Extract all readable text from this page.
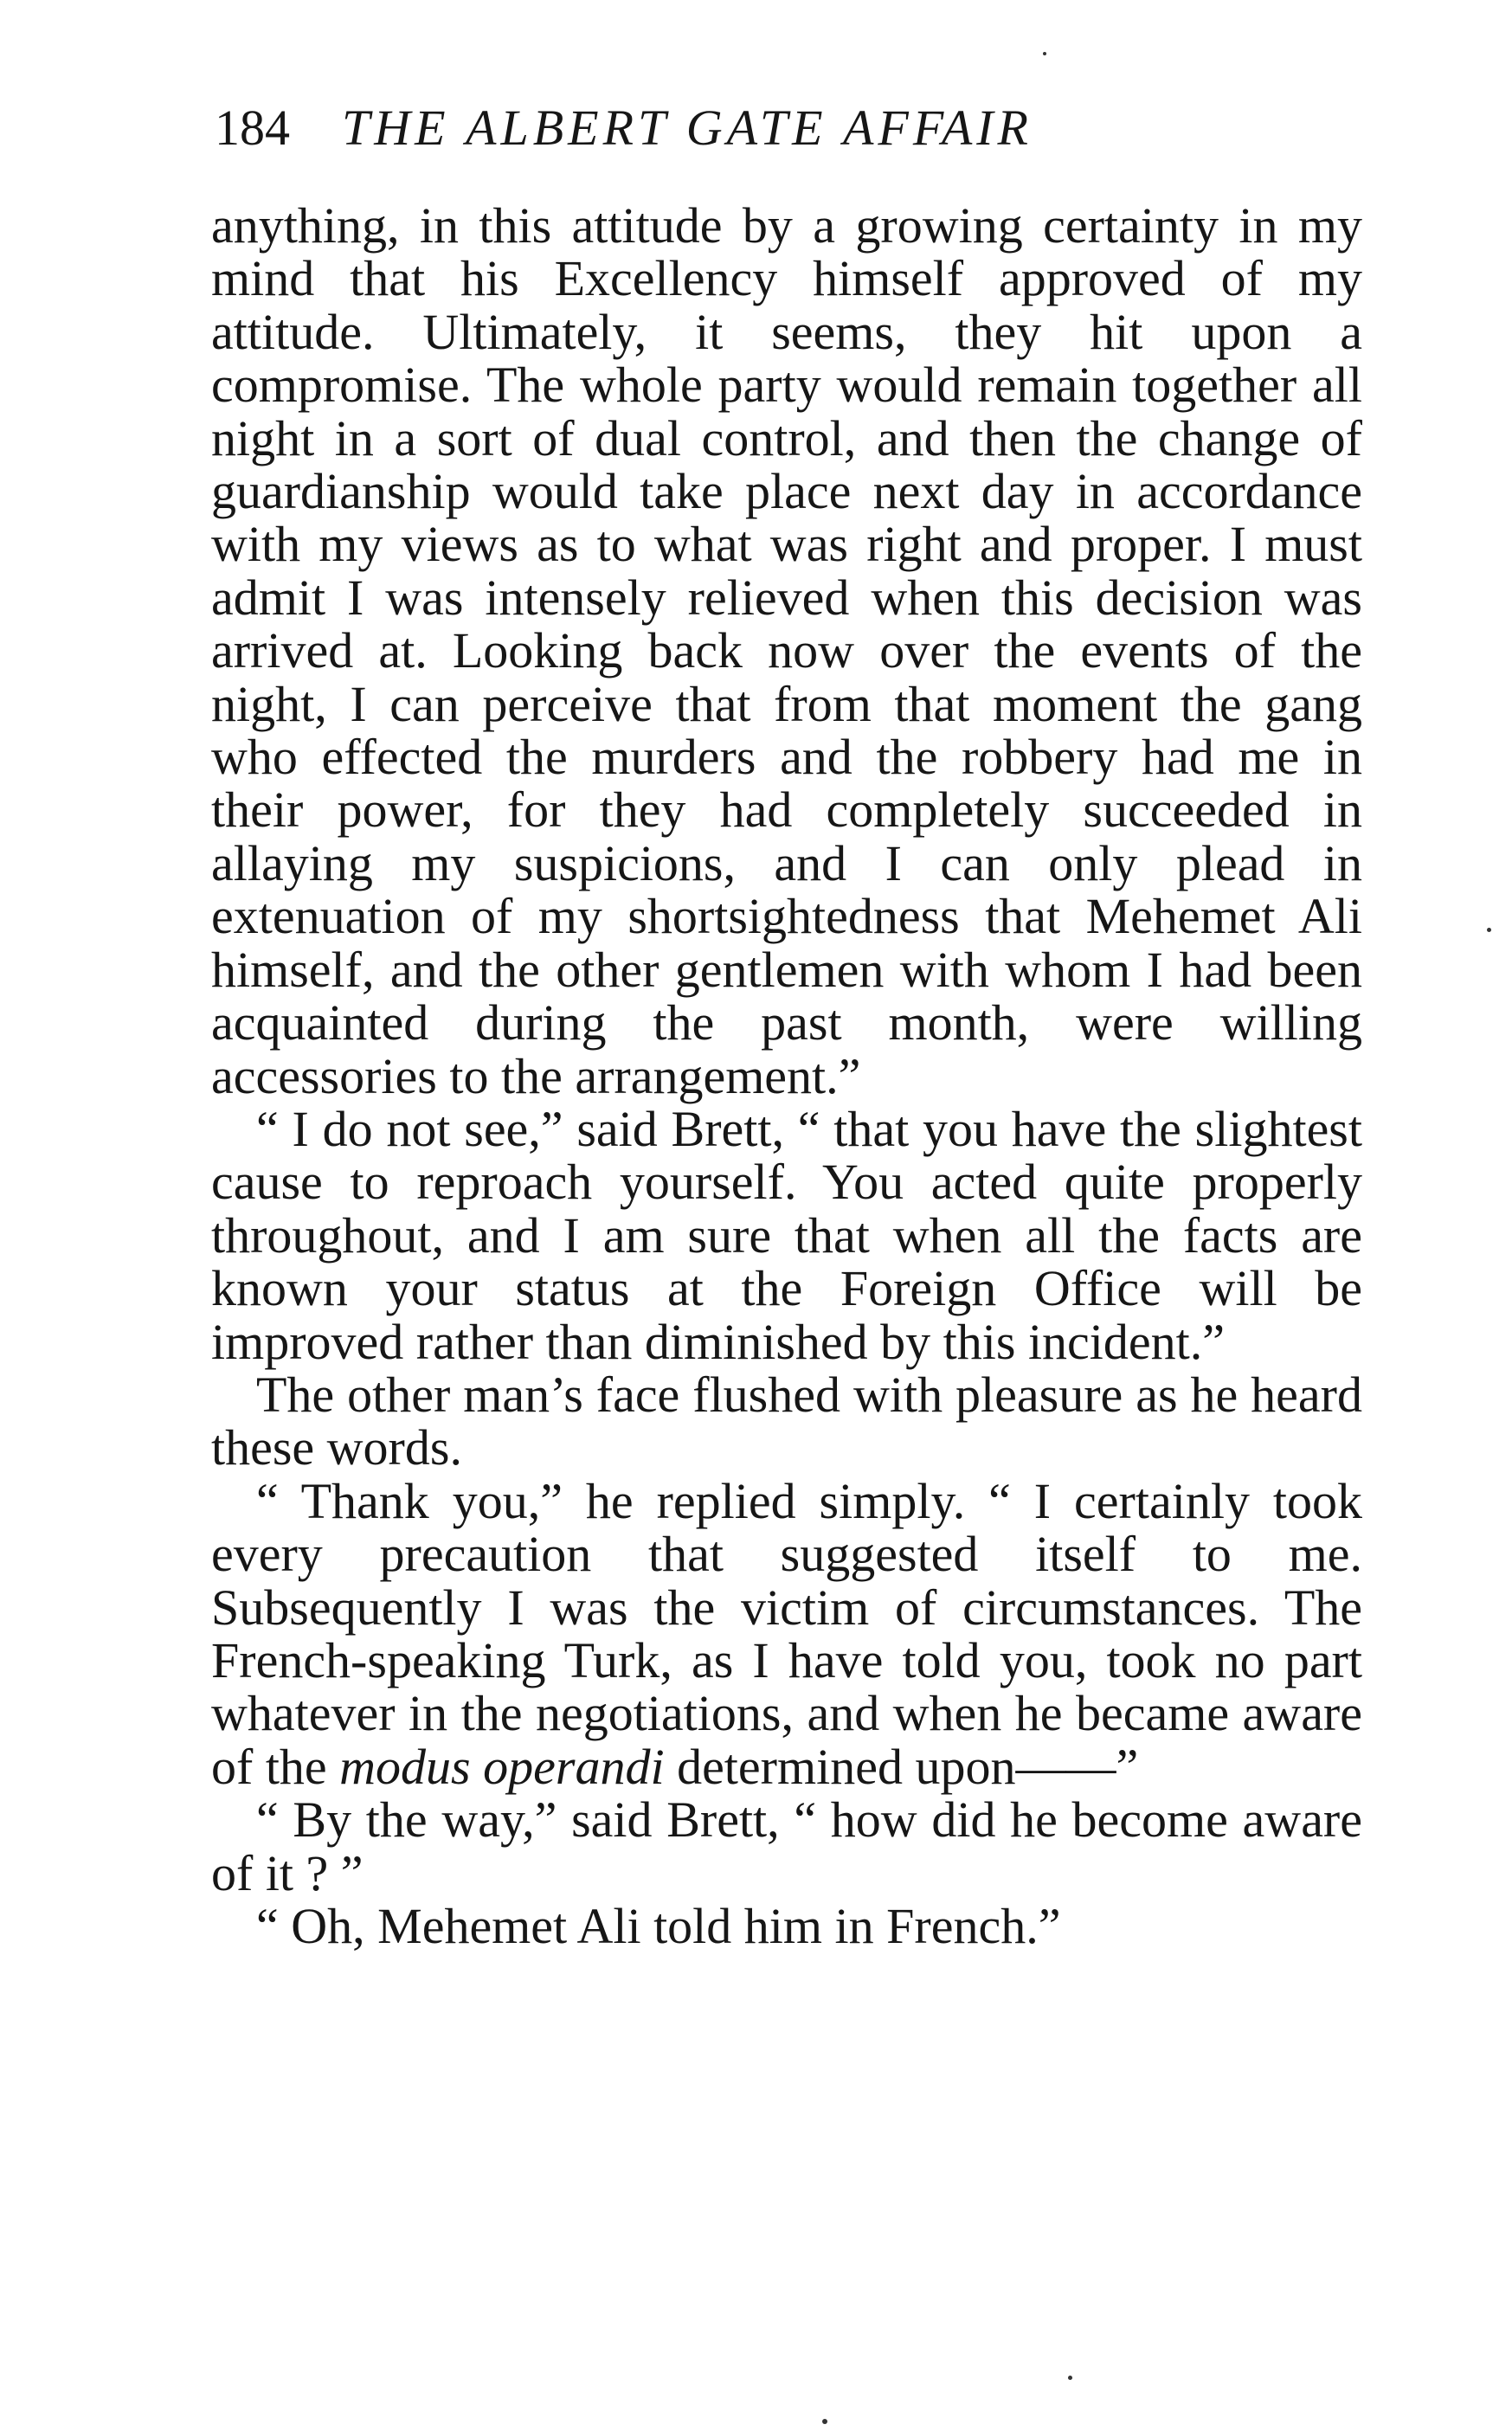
184 THE ALBERT GATE AFFAIR

anything, in this attitude by a growing certainty in my mind that his Excellency himself approved of my attitude. Ultimately, it seems, they hit upon a compromise. The whole party would remain together all night in a sort of dual control, and then the change of guardianship would take place next day in accordance with my views as to what was right and proper. I must admit I was intensely relieved when this decision was arrived at. Looking back now over the events of the night, I can perceive that from that moment the gang who effected the murders and the robbery had me in their power, for they had completely succeeded in allaying my suspicions, and I can only plead in extenuation of my shortsightedness that Mehemet Ali himself, and the other gentlemen with whom I had been acquainted during the past month, were willing accessories to the arrangement.”

“ I do not see,” said Brett, “ that you have the slightest cause to reproach yourself. You acted quite properly throughout, and I am sure that when all the facts are known your status at the Foreign Office will be improved rather than diminished by this incident.”

The other man’s face flushed with pleasure as he heard these words.

“ Thank you,” he replied simply. “ I certainly took every precaution that suggested itself to me. Subsequently I was the victim of circumstances. The French-speaking Turk, as I have told you, took no part whatever in the negotiations, and when he became aware of the modus operandi determined upon——”

“ By the way,” said Brett, “ how did he become aware of it ? ”

“ Oh, Mehemet Ali told him in French.”
